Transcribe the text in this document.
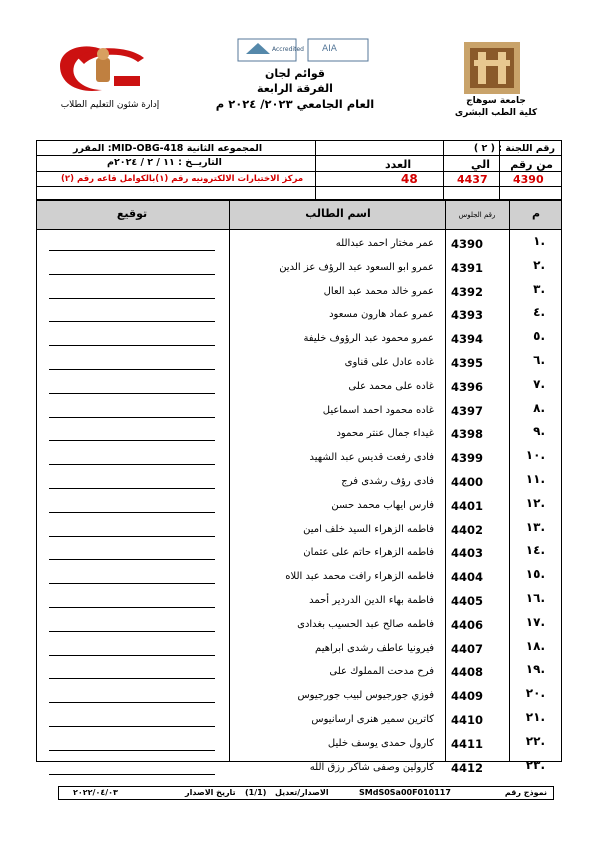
Accredited AIA
جامعة سوهاج
كلية الطب البشرى
إدارة شئون التعليم الطلاب
قوائم لجان
الفرقة الرابعة
العام الجامعي ٢٠٢٣/ ٢٠٢٤ م
رقم اللجنة : ( ٢ )
المقرر :MID-OBG-418 المجموعه الثانية
التاريــخ : ١١ / ٢ / ٢٠٢٤م	من رقم
الي
العدد
4390
4437
48
مركز الاختبارات الالكترونيه رقم (١)بالكوامل قاعه رقم (٢)
م
رقم الجلوس
اسم الطالب
توقيع
١.
4390
عمر مختار احمد عبدالله
٢.
4391
عمرو ابو السعود عبد الرؤف عز الدين
٣.
4392
عمرو خالد محمد عبد العال
٤.
4393
عمرو عماد هارون مسعود
٥.
4394
عمرو محمود عبد الرؤوف خليفة
٦.
4395
غاده عادل على قناوى
٧.
4396
غاده على محمد على
٨.
4397
غاده محمود احمد اسماعيل
٩.
4398
غيداء جمال عنتر محمود
١٠.
4399
فادى رفعت قديس عبد الشهيد
١١.
4400
فادى رؤف رشدى فرج
١٢.
4401
فارس ايهاب محمد حسن
١٣.
4402
فاطمه الزهراء السيد خلف امين
١٤.
4403
فاطمه الزهراء حاتم على عثمان
١٥.
4404
فاطمه الزهراء رافت محمد عبد اللاه
١٦.
4405
فاطمة بهاء الدين الدردير أحمد
١٧.
4406
فاطمه صالح عبد الحسيب بغدادى
١٨.
4407
فيرونيا عاطف رشدى ابراهيم
١٩.
4408
فرح مدحت المملوك على
٢٠.
4409
فوزي جورجيوس لبيب جورجيوس
٢١.
4410
كاترين سمير هنرى ارسانيوس
٢٢.
4411
كارول حمدى يوسف خليل
٢٣.
4412
كارولين وصفى شاكر رزق الله
نموذج رقم
SMdS0Sa00F010117
الاصدار/تعديل
(1/1)
تاريخ الاصدار
٢٠٢٢/٠٤/٠٣
